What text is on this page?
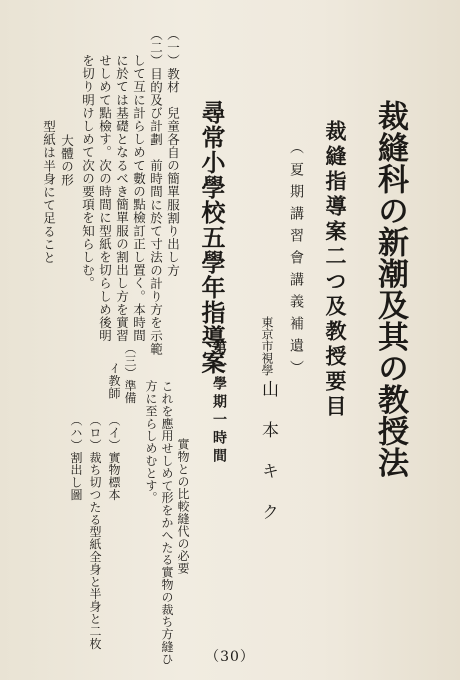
裁縫科の新潮及其の教授法
裁縫指導案二つ及教授要目
（夏期講習會講義補遺）
東京市視學
山本キク
尋常小學校五學年指導案
第一學期一時間
實物との比較縫代の必要
これを應用せしめて形をかへたる實物の裁ち方縫ひ
方に至らしめむとす。
（三）準備
ｲ教師
（イ）實物標本
（ロ）裁ち切つたる型紙全身と半身と二枚
（ハ）割出し圖
（一）教材　兒童各自の簡單服割り出し方
（二）目的及び計劃　前時間に於て寸法の計り方を示範
して互に計らしめて數の點檢訂正し置く。本時間
に於ては基礎となるべき簡單服の割出し方を實習
せしめて點檢す。次の時間に型紙を切らしめ後明
を切り明けしめて次の要項を知らしむ。
大體の形
型紙は半身にて足ること
（30）
